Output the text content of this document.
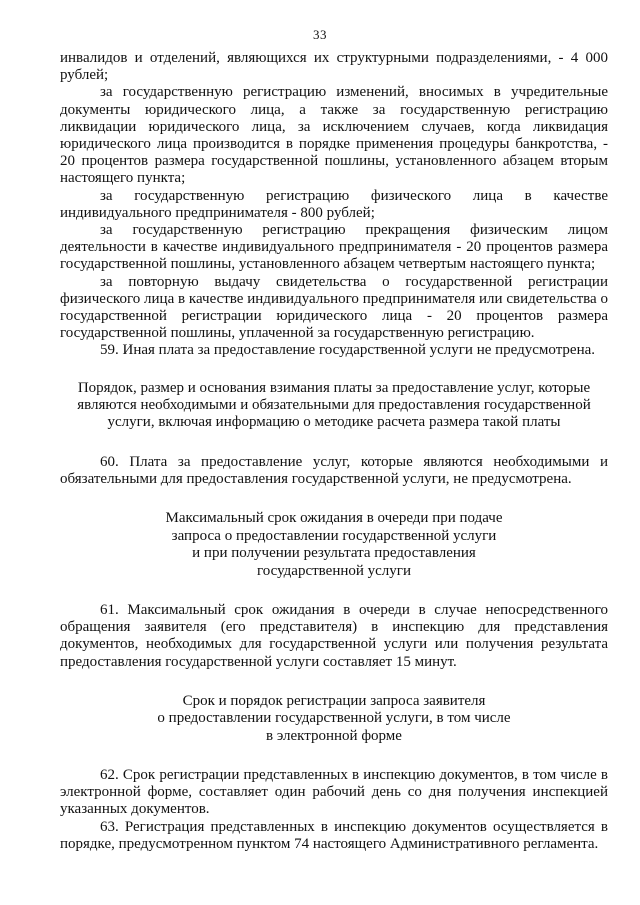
33

инвалидов и отделений, являющихся их структурными подразделениями, - 4 000 рублей;

за государственную регистрацию изменений, вносимых в учредительные документы юридического лица, а также за государственную регистрацию ликвидации юридического лица, за исключением случаев, когда ликвидация юридического лица производится в порядке применения процедуры банкротства, - 20 процентов размера государственной пошлины, установленного абзацем вторым настоящего пункта;

за государственную регистрацию физического лица в качестве индивидуального предпринимателя - 800 рублей;

за государственную регистрацию прекращения физическим лицом деятельности в качестве индивидуального предпринимателя - 20 процентов размера государственной пошлины, установленного абзацем четвертым настоящего пункта;

за повторную выдачу свидетельства о государственной регистрации физического лица в качестве индивидуального предпринимателя или свидетельства о государственной регистрации юридического лица - 20 процентов размера государственной пошлины, уплаченной за государственную регистрацию.

59. Иная плата за предоставление государственной услуги не предусмотрена.

Порядок, размер и основания взимания платы за предоставление услуг, которые
являются необходимыми и обязательными для предоставления государственной
услуги, включая информацию о методике расчета размера такой платы

60. Плата за предоставление услуг, которые являются необходимыми и обязательными для предоставления государственной услуги, не предусмотрена.

Максимальный срок ожидания в очереди при подаче
запроса о предоставлении государственной услуги
и при получении результата предоставления
государственной услуги

61. Максимальный срок ожидания в очереди в случае непосредственного обращения заявителя (его представителя) в инспекцию для представления документов, необходимых для государственной услуги или получения результата предоставления государственной услуги составляет 15 минут.

Срок и порядок регистрации запроса заявителя
о предоставлении государственной услуги, в том числе
в электронной форме

62. Срок регистрации представленных в инспекцию документов, в том числе в электронной форме, составляет один рабочий день со дня получения инспекцией указанных документов.

63. Регистрация представленных в инспекцию документов осуществляется в порядке, предусмотренном пунктом 74 настоящего Административного регламента.
